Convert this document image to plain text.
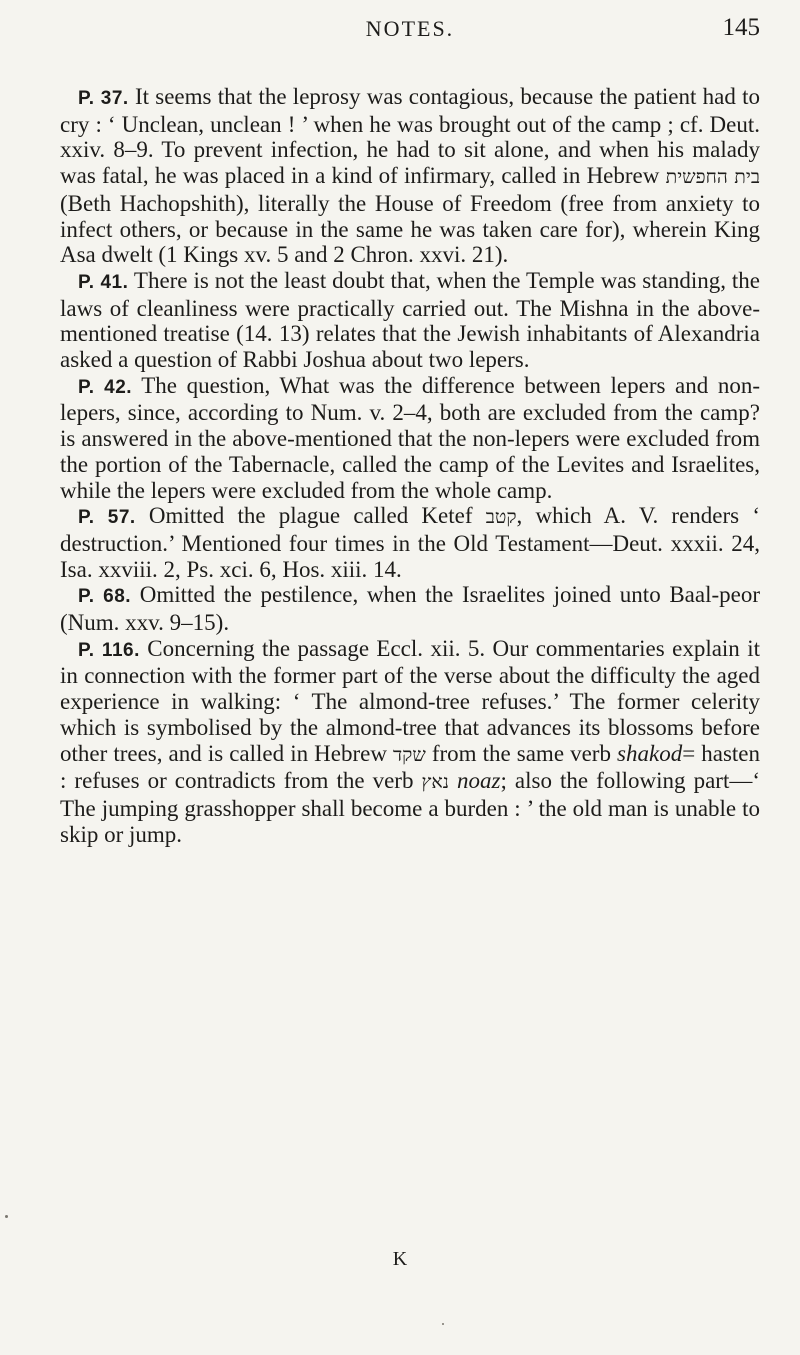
NOTES.	145

P. 37. It seems that the leprosy was contagious, because the patient had to cry : ‘ Unclean, unclean ! ’ when he was brought out of the camp ; cf. Deut. xxiv. 8–9. To prevent infection, he had to sit alone, and when his malady was fatal, he was placed in a kind of infirmary, called in Hebrew בית החפשית (Beth Hachopshith), literally the House of Freedom (free from anxiety to infect others, or because in the same he was taken care for), wherein King Asa dwelt (1 Kings xv. 5 and 2 Chron. xxvi. 21).

P. 41. There is not the least doubt that, when the Temple was standing, the laws of cleanliness were practically carried out. The Mishna in the above-mentioned treatise (14. 13) relates that the Jewish inhabitants of Alexandria asked a question of Rabbi Joshua about two lepers.

P. 42. The question, What was the difference between lepers and non-lepers, since, according to Num. v. 2–4, both are excluded from the camp? is answered in the above-mentioned that the non-lepers were excluded from the portion of the Tabernacle, called the camp of the Levites and Israelites, while the lepers were excluded from the whole camp.

P. 57. Omitted the plague called Ketef קטב, which A. V. renders ‘ destruction.’ Mentioned four times in the Old Testament—Deut. xxxii. 24, Isa. xxviii. 2, Ps. xci. 6, Hos. xiii. 14.

P. 68. Omitted the pestilence, when the Israelites joined unto Baal-peor (Num. xxv. 9–15).

P. 116. Concerning the passage Eccl. xii. 5. Our commentaries explain it in connection with the former part of the verse about the difficulty the aged experience in walking: ‘ The almond-tree refuses.’ The former celerity which is symbolised by the almond-tree that advances its blossoms before other trees, and is called in Hebrew שקד from the same verb shakod= hasten : refuses or contradicts from the verb נאץ noaz; also the following part—‘ The jumping grasshopper shall become a burden : ’ the old man is unable to skip or jump.

K
